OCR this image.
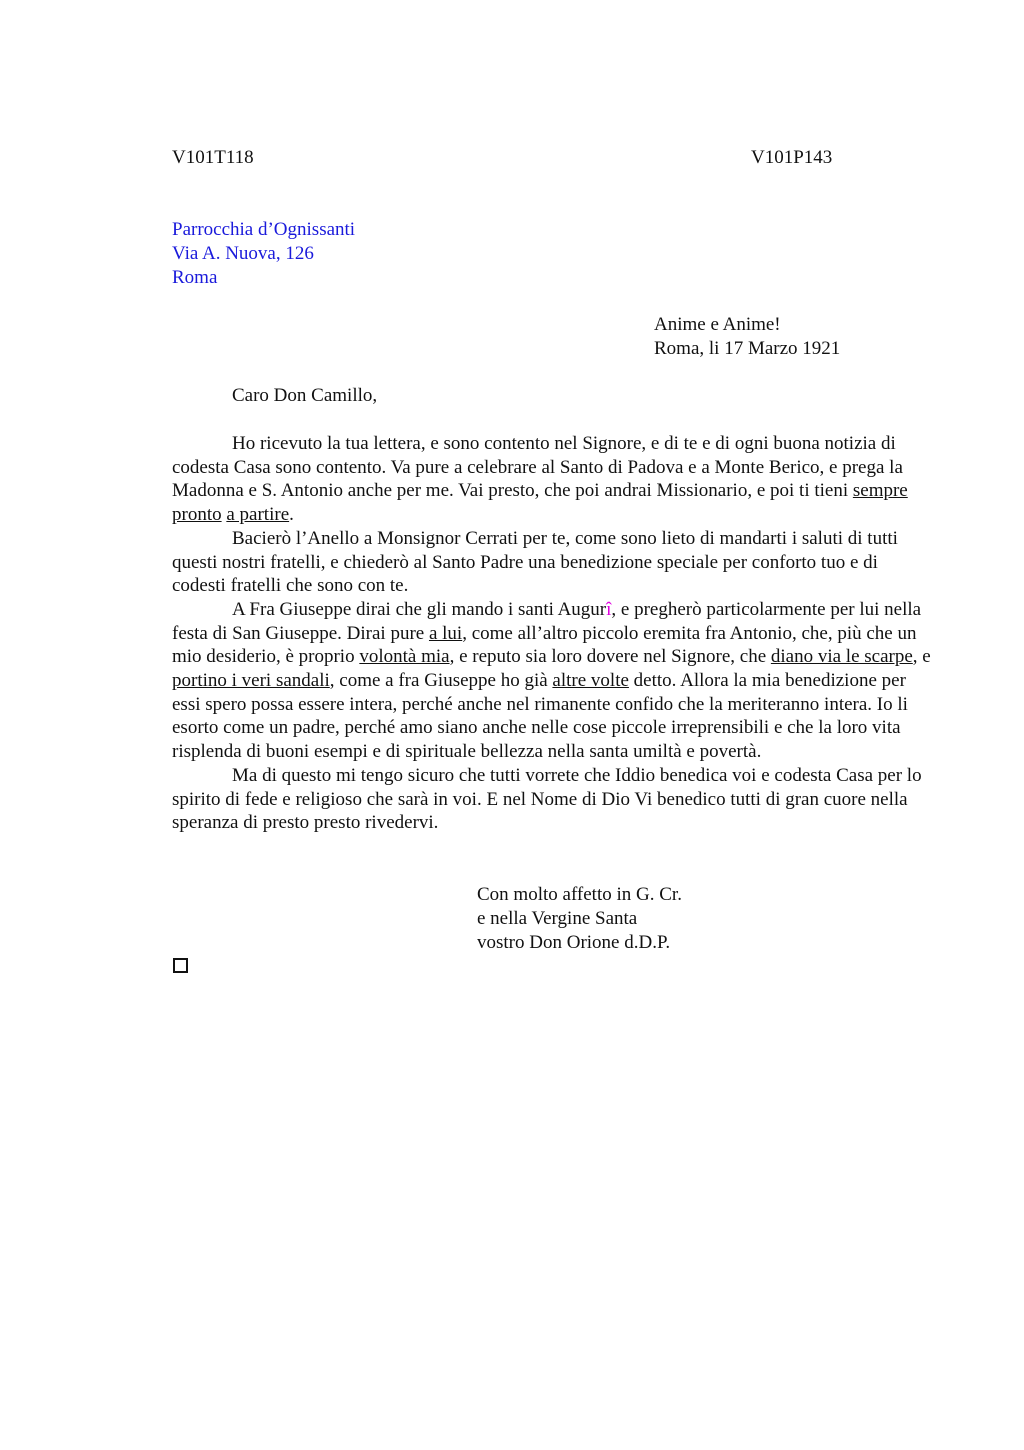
V101T118	V101P143
Parrocchia d’Ognissanti
Via A. Nuova, 126
Roma
Anime e Anime!
Roma, li 17 Marzo 1921
Caro Don Camillo,
Ho ricevuto la tua lettera, e sono contento nel Signore, e di te e di ogni buona notizia di codesta Casa sono contento. Va pure a celebrare al Santo di Padova e a Monte Berico, e prega la Madonna e S. Antonio anche per me. Vai presto, che poi andrai Missionario, e poi ti tieni sempre pronto a partire.
Bacierò l’Anello a Monsignor Cerrati per te, come sono lieto di mandarti i saluti di tutti questi nostri fratelli, e chiederò al Santo Padre una benedizione speciale per conforto tuo e di codesti fratelli che sono con te.
A Fra Giuseppe dirai che gli mando i santi Augurî, e pregherò particolarmente per lui nella festa di San Giuseppe. Dirai pure a lui, come all’altro piccolo eremita fra Antonio, che, più che un mio desiderio, è proprio volontà mia, e reputo sia loro dovere nel Signore, che diano via le scarpe, e portino i veri sandali, come a fra Giuseppe ho già altre volte detto. Allora la mia benedizione per essi spero possa essere intera, perché anche nel rimanente confido che la meriteranno intera. Io li esorto come un padre, perché amo siano anche nelle cose piccole irreprensibili e che la loro vita risplenda di buoni esempi e di spirituale bellezza nella santa umiltà e povertà.
Ma di questo mi tengo sicuro che tutti vorrete che Iddio benedica voi e codesta Casa per lo spirito di fede e religioso che sarà in voi. E nel Nome di Dio Vi benedico tutti di gran cuore nella speranza di presto presto rivedervi.
Con molto affetto in G. Cr.
e nella Vergine Santa
vostro Don Orione d.D.P.
